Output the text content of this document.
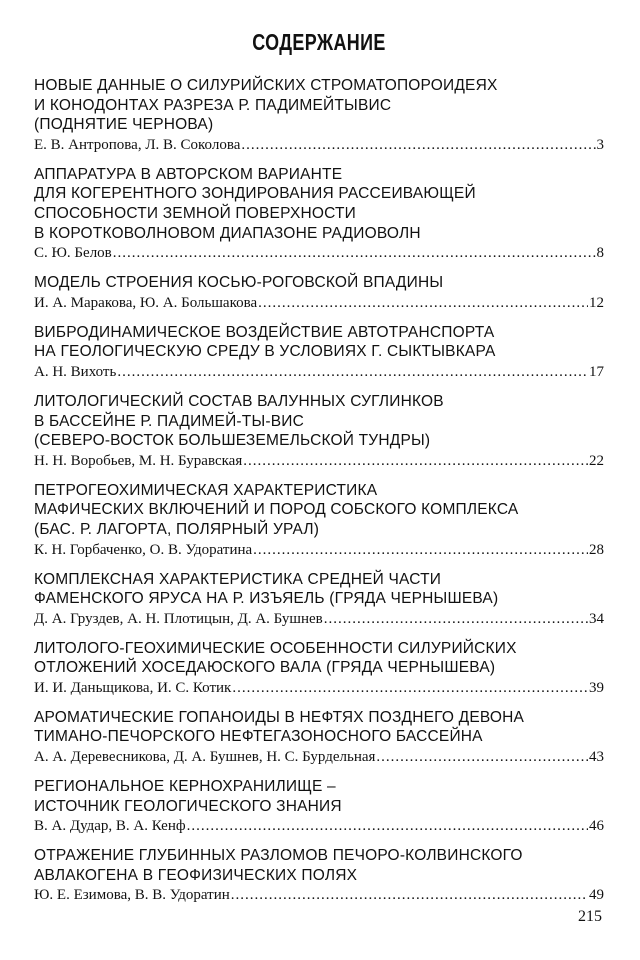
СОДЕРЖАНИЕ
НОВЫЕ ДАННЫЕ О СИЛУРИЙСКИХ СТРОМАТОПОРОИДЕЯХ
И КОНОДОНТАХ РАЗРЕЗА Р. ПАДИМЕЙТЫВИС
(ПОДНЯТИЕ ЧЕРНОВА)
Е. В. Антропова, Л. В. Соколова .....	3
АППАРАТУРА В АВТОРСКОМ ВАРИАНТЕ
ДЛЯ КОГЕРЕНТНОГО ЗОНДИРОВАНИЯ РАССЕИВАЮЩЕЙ
СПОСОБНОСТИ ЗЕМНОЙ ПОВЕРХНОСТИ
В КОРОТКОВОЛНОВОМ ДИАПАЗОНЕ РАДИОВОЛН
С. Ю. Белов .....	8
МОДЕЛЬ СТРОЕНИЯ КОСЬЮ-РОГОВСКОЙ ВПАДИНЫ
И. А. Маракова, Ю. А. Большакова .....	12
ВИБРОДИНАМИЧЕСКОЕ ВОЗДЕЙСТВИЕ АВТОТРАНСПОРТА
НА ГЕОЛОГИЧЕСКУЮ СРЕДУ В УСЛОВИЯХ Г. СЫКТЫВКАРА
А. Н. Вихоть .....	17
ЛИТОЛОГИЧЕСКИЙ СОСТАВ ВАЛУННЫХ СУГЛИНКОВ
В БАССЕЙНЕ Р. ПАДИМЕЙ-ТЫ-ВИС
(СЕВЕРО-ВОСТОК БОЛЬШЕЗЕМЕЛЬСКОЙ ТУНДРЫ)
Н. Н. Воробьев, М. Н. Буравская .....	22
ПЕТРОГЕОХИМИЧЕСКАЯ ХАРАКТЕРИСТИКА
МАФИЧЕСКИХ ВКЛЮЧЕНИЙ И ПОРОД СОБСКОГО КОМПЛЕКСА
(БАС. Р. ЛАГОРТА, ПОЛЯРНЫЙ УРАЛ)
К. Н. Горбаченко, О. В. Удоратина .....	28
КОМПЛЕКСНАЯ ХАРАКТЕРИСТИКА СРЕДНЕЙ ЧАСТИ
ФАМЕНСКОГО ЯРУСА НА Р. ИЗЪЯЕЛЬ (ГРЯДА ЧЕРНЫШЕВА)
Д. А. Груздев, А. Н. Плотицын, Д. А. Бушнев .....	34
ЛИТОЛОГО-ГЕОХИМИЧЕСКИЕ ОСОБЕННОСТИ СИЛУРИЙСКИХ
ОТЛОЖЕНИЙ ХОСЕДАЮСКОГО ВАЛА (ГРЯДА ЧЕРНЫШЕВА)
И. И. Даньщикова, И. С. Котик .....	39
АРОМАТИЧЕСКИЕ ГОПАНОИДЫ В НЕФТЯХ ПОЗДНЕГО ДЕВОНА
ТИМАНО-ПЕЧОРСКОГО НЕФТЕГАЗОНОСНОГО БАССЕЙНА
А. А. Деревесникова, Д. А. Бушнев, Н. С. Бурдельная .....	43
РЕГИОНАЛЬНОЕ КЕРНОХРАНИЛИЩЕ –
ИСТОЧНИК ГЕОЛОГИЧЕСКОГО ЗНАНИЯ
В. А. Дудар, В. А. Кенф .....	46
ОТРАЖЕНИЕ ГЛУБИННЫХ РАЗЛОМОВ ПЕЧОРО-КОЛВИНСКОГО
АВЛАКОГЕНА В ГЕОФИЗИЧЕСКИХ ПОЛЯХ
Ю. Е. Езимова, В. В. Удоратин .....	49
215
